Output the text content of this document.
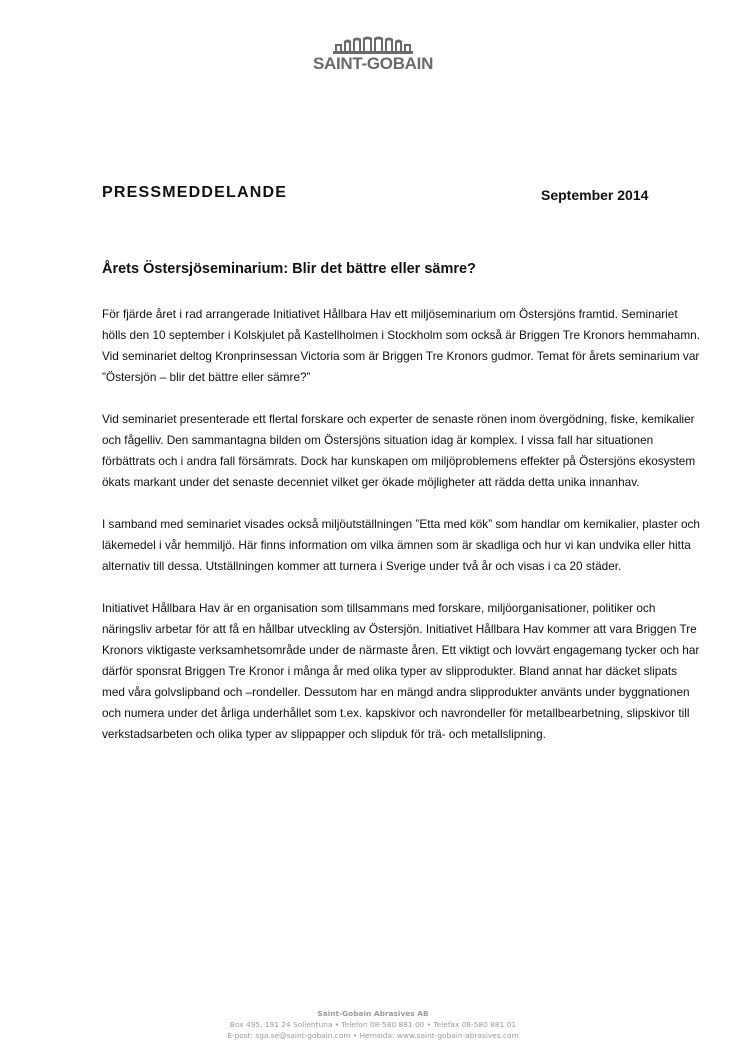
SAINT-GOBAIN
PRESSMEDDELANDE	September 2014
Årets Östersjöseminarium: Blir det bättre eller sämre?

För fjärde året i rad arrangerade Initiativet Hållbara Hav ett miljöseminarium om Östersjöns framtid. Seminariet hölls den 10 september i Kolskjulet på Kastellholmen i Stockholm som också är Briggen Tre Kronors hemmahamn. Vid seminariet deltog Kronprinsessan Victoria som är Briggen Tre Kronors gudmor. Temat för årets seminarium var ”Östersjön – blir det bättre eller sämre?”

Vid seminariet presenterade ett flertal forskare och experter de senaste rönen inom övergödning, fiske, kemikalier och fågelliv. Den sammantagna bilden om Östersjöns situation idag är komplex. I vissa fall har situationen förbättrats och i andra fall försämrats. Dock har kunskapen om miljöproblemens effekter på Östersjöns ekosystem ökats markant under det senaste decenniet vilket ger ökade möjligheter att rädda detta unika innanhav.

I samband med seminariet visades också miljöutställningen ”Etta med kök” som handlar om kemikalier, plaster och läkemedel i vår hemmiljö. Här finns information om vilka ämnen som är skadliga och hur vi kan undvika eller hitta alternativ till dessa. Utställningen kommer att turnera i Sverige under två år och visas i ca 20 städer.

Initiativet Hållbara Hav är en organisation som tillsammans med forskare, miljöorganisationer, politiker och näringsliv arbetar för att få en hållbar utveckling av Östersjön. Initiativet Hållbara Hav kommer att vara Briggen Tre Kronors viktigaste verksamhetsområde under de närmaste åren. Ett viktigt och lovvärt engagemang tycker och har därför sponsrat Briggen Tre Kronor i många år med olika typer av slipprodukter. Bland annat har däcket slipats med våra golvslipband och –rondeller. Dessutom har en mängd andra slipprodukter använts under byggnationen och numera under det årliga underhållet som t.ex. kapskivor och navrondeller för metallbearbetning, slipskivor till verkstadsarbeten och olika typer av slippapper och slipduk för trä- och metallslipning.

Saint-Gobain Abrasives AB
Box 495, 191 24 Sollentuna • Telefon 08-580 881 00 • Telefax 08-580 881 01
E-post: sga.se@saint-gobain.com • Hemsida: www.saint-gobain-abrasives.com
